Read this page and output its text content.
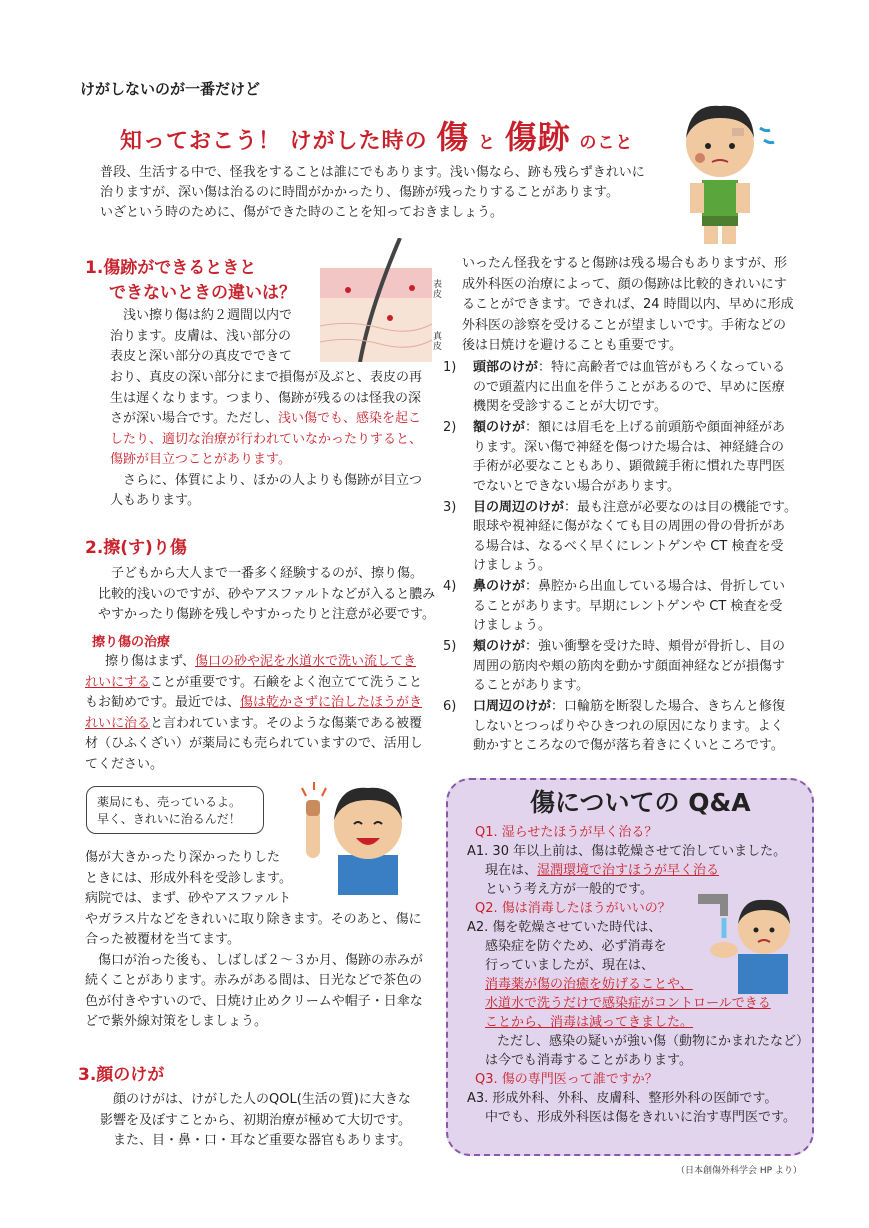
けがしないのが一番だけど
知っておこう！ けがした時の 傷 と 傷跡 のこと

普段、生活する中で、怪我をすることは誰にでもあります。浅い傷なら、跡も残らずきれいに

治りますが、深い傷は治るのに時間がかかったり、傷跡が残ったりすることがあります。

いざという時のために、傷ができた時のことを知っておきましょう。

1.傷跡ができるときと
できないときの違いは？	表皮
真皮

浅い擦り傷は約２週間以内で

治ります。皮膚は、浅い部分の

表皮と深い部分の真皮でできて

おり、真皮の深い部分にまで損傷が及ぶと、表皮の再

生は遅くなります。つまり、傷跡が残るのは怪我の深

さが深い場合です。ただし、浅い傷でも、感染を起こ

したり、適切な治療が行われていなかったりすると、

傷跡が目立つことがあります。

さらに、体質により、ほかの人よりも傷跡が目立つ

人もあります。

2.擦(す)り傷

子どもから大人まで一番多く経験するのが、擦り傷。

比較的浅いのですが、砂やアスファルトなどが入ると膿み

やすかったり傷跡を残しやすかったりと注意が必要です。

擦り傷の治療

擦り傷はまず、傷口の砂や泥を水道水で洗い流してき

れいにすることが重要です。石鹸をよく泡立てて洗うこと

もお勧めです。最近では、傷は乾かさずに治したほうがき

れいに治ると言われています。そのような傷薬である被覆

材（ひふくざい）が薬局にも売られていますので、活用し

てください。

薬局にも、売っているよ。

早く、きれいに治るんだ！

傷が大きかったり深かったりした

ときには、形成外科を受診します。

病院では、まず、砂やアスファルト

やガラス片などをきれいに取り除きます。そのあと、傷に

合った被覆材を当てます。

傷口が治った後も、しばしば２〜３か月、傷跡の赤みが

続くことがあります。赤みがある間は、日光などで茶色の

色が付きやすいので、日焼け止めクリームや帽子・日傘な

どで紫外線対策をしましょう。

3.顔のけが

顔のけがは、けがした人のQOL(生活の質)に大きな

影響を及ぼすことから、初期治療が極めて大切です。

また、目・鼻・口・耳など重要な器官もあります。

いったん怪我をすると傷跡は残る場合もありますが、形

成外科医の治療によって、顔の傷跡は比較的きれいにす

ることができます。できれば、24 時間以内、早めに形成

外科医の診察を受けることが望ましいです。手術などの

後は日焼けを避けることも重要です。

1)	頭部のけが：特に高齢者では血管がもろくなっている
ので頭蓋内に出血を伴うことがあるので、早めに医療
機関を受診することが大切です。
2)	額のけが：額には眉毛を上げる前頭筋や顔面神経があ
ります。深い傷で神経を傷つけた場合は、神経縫合の
手術が必要なこともあり、顕微鏡手術に慣れた専門医
でないとできない場合があります。
3)	目の周辺のけが：最も注意が必要なのは目の機能です。
眼球や視神経に傷がなくても目の周囲の骨の骨折があ
る場合は、なるべく早くにレントゲンや CT 検査を受
けましょう。
4)	鼻のけが：鼻腔から出血している場合は、骨折してい
ることがあります。早期にレントゲンや CT 検査を受
けましょう。
5)	頬のけが：強い衝撃を受けた時、頬骨が骨折し、目の
周囲の筋肉や頬の筋肉を動かす顔面神経などが損傷す
ることがあります。
6)	口周辺のけが：口輪筋を断裂した場合、きちんと修復
しないとつっぱりやひきつれの原因になります。よく
動かすところなので傷が落ち着きにくいところです。
傷についての Q&A

Q1. 湿らせたほうが早く治る？

A1. 30 年以上前は、傷は乾燥させて治していました。

現在は、湿潤環境で治すほうが早く治る

という考え方が一般的です。

Q2. 傷は消毒したほうがいいの？

A2. 傷を乾燥させていた時代は、

感染症を防ぐため、必ず消毒を

行っていましたが、現在は、

消毒薬が傷の治癒を妨げることや、

水道水で洗うだけで感染症がコントロールできる

ことから、消毒は減ってきました。

ただし、感染の疑いが強い傷（動物にかまれたなど）

は今でも消毒することがあります。

Q3. 傷の専門医って誰ですか？

A3. 形成外科、外科、皮膚科、整形外科の医師です。

中でも、形成外科医は傷をきれいに治す専門医です。

（日本創傷外科学会 HP より）
